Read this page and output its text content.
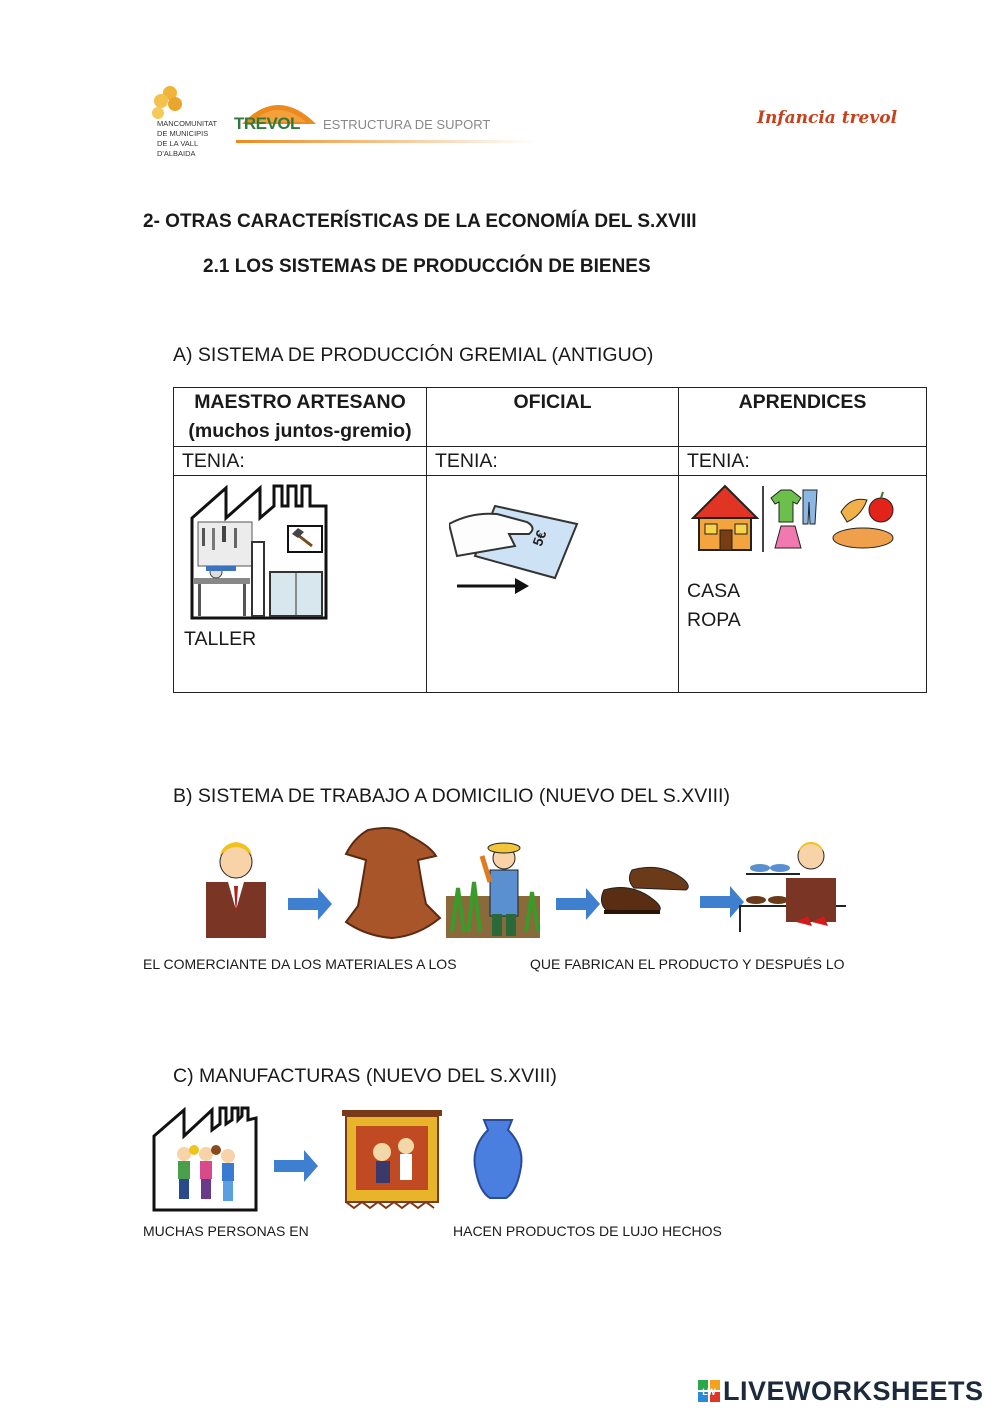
MANCOMUNITAT
DE MUNICIPIS
DE LA VALL D'ALBAIDA
TREVOL ESTRUCTURA DE SUPORT	Infancia trevol
2- OTRAS CARACTERÍSTICAS DE LA ECONOMÍA DEL S.XVIII
2.1 LOS SISTEMAS DE PRODUCCIÓN DE BIENES
A) SISTEMA DE PRODUCCIÓN GREMIAL (ANTIGUO)
MAESTRO ARTESANO
(muchos juntos-gremio)	OFICIAL	APRENDICES

TENIA:	TENIA:	TENIA:

TALLER	5€	CASA
ROPA
B) SISTEMA DE TRABAJO A DOMICILIO (NUEVO DEL S.XVIII)
EL COMERCIANTE DA LOS MATERIALES A LOS	QUE FABRICAN EL PRODUCTO Y DESPUÉS LO
C) MANUFACTURAS (NUEVO DEL S.XVIII)
MUCHAS PERSONAS EN	HACEN PRODUCTOS DE LUJO HECHOS
LW LIVEWORKSHEETS
